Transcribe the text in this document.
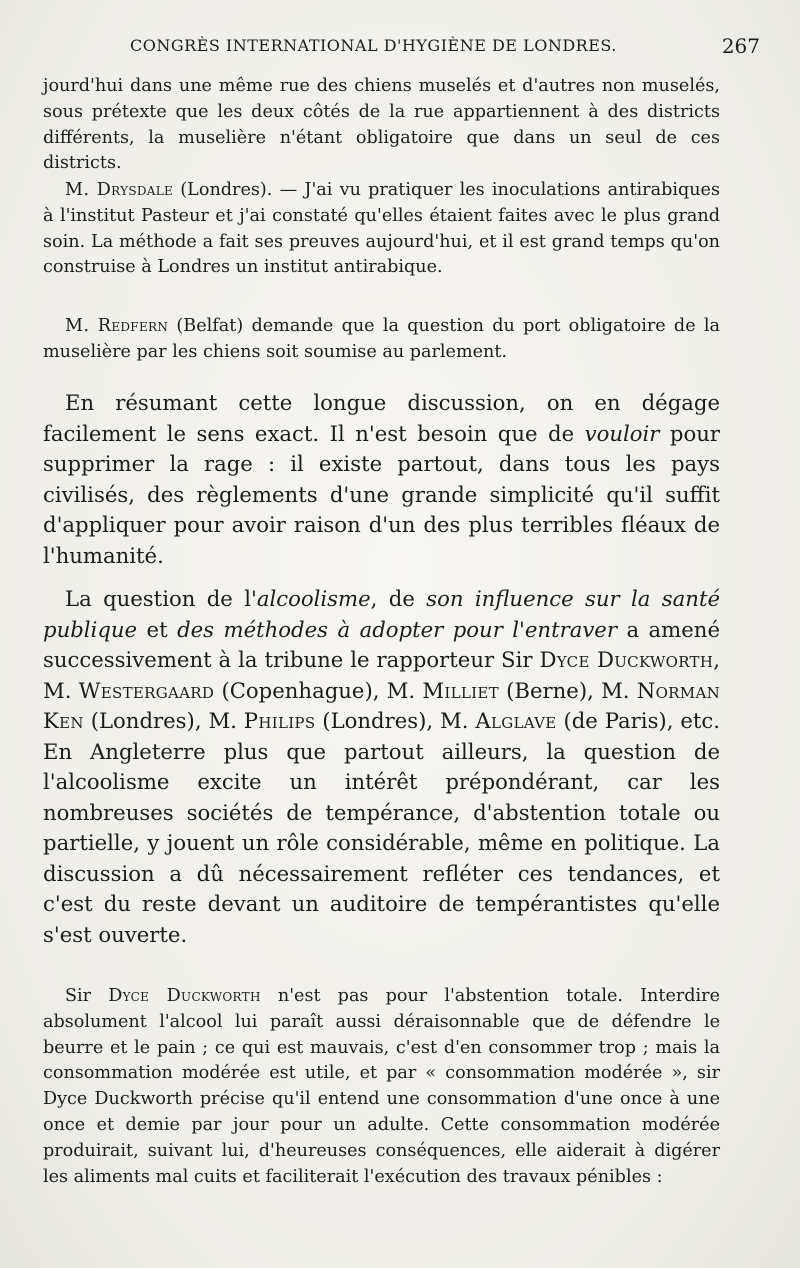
CONGRÈS INTERNATIONAL D'HYGIÈNE DE LONDRES.	267

jourd'hui dans une même rue des chiens muselés et d'autres non muselés, sous prétexte que les deux côtés de la rue appartiennent à des districts différents, la muselière n'étant obligatoire que dans un seul de ces districts.

M. Drysdale (Londres). — J'ai vu pratiquer les inoculations antirabiques à l'institut Pasteur et j'ai constaté qu'elles étaient faites avec le plus grand soin. La méthode a fait ses preuves aujourd'hui, et il est grand temps qu'on construise à Londres un institut antirabique.

M. Redfern (Belfat) demande que la question du port obligatoire de la muselière par les chiens soit soumise au parlement.

En résumant cette longue discussion, on en dégage facilement le sens exact. Il n'est besoin que de vouloir pour supprimer la rage : il existe partout, dans tous les pays civilisés, des règlements d'une grande simplicité qu'il suffit d'appliquer pour avoir raison d'un des plus terribles fléaux de l'humanité.

La question de l'alcoolisme, de son influence sur la santé publique et des méthodes à adopter pour l'entraver a amené successivement à la tribune le rapporteur Sir Dyce Duckworth, M. Westergaard (Copenhague), M. Milliet (Berne), M. Norman Ken (Londres), M. Philips (Londres), M. Alglave (de Paris), etc. En Angleterre plus que partout ailleurs, la question de l'alcoolisme excite un intérêt prépondérant, car les nombreuses sociétés de tempérance, d'abstention totale ou partielle, y jouent un rôle considérable, même en politique. La discussion a dû nécessairement refléter ces tendances, et c'est du reste devant un auditoire de tempérantistes qu'elle s'est ouverte.

Sir Dyce Duckworth n'est pas pour l'abstention totale. Interdire absolument l'alcool lui paraît aussi déraisonnable que de défendre le beurre et le pain ; ce qui est mauvais, c'est d'en consommer trop ; mais la consommation modérée est utile, et par « consommation modérée », sir Dyce Duckworth précise qu'il entend une consommation d'une once à une once et demie par jour pour un adulte. Cette consommation modérée produirait, suivant lui, d'heureuses conséquences, elle aiderait à digérer les aliments mal cuits et faciliterait l'exécution des travaux pénibles :
